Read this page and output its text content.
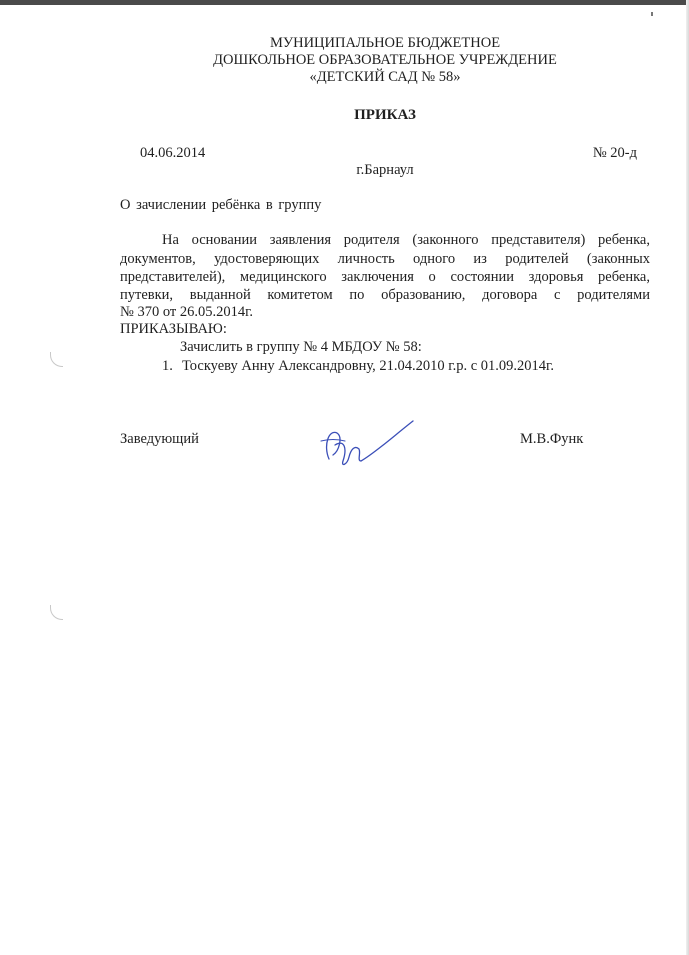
МУНИЦИПАЛЬНОЕ БЮДЖЕТНОЕ
ДОШКОЛЬНОЕ ОБРАЗОВАТЕЛЬНОЕ УЧРЕЖДЕНИЕ
«ДЕТСКИЙ САД № 58»
ПРИКАЗ
04.06.2014	№ 20-д
г.Барнаул
О зачислении ребёнка в группу
На основании заявления родителя (законного представителя) ребенка,
документов, удостоверяющих личность одного из родителей (законных
представителей), медицинского заключения о состоянии здоровья ребенка,
путевки, выданной комитетом по образованию, договора с родителями
№ 370 от 26.05.2014г.
ПРИКАЗЫВАЮ:
Зачислить в группу № 4 МБДОУ № 58:
1. Тоскуеву Анну Александровну, 21.04.2010 г.р. с 01.09.2014г.
Заведующий	М.В.Функ
